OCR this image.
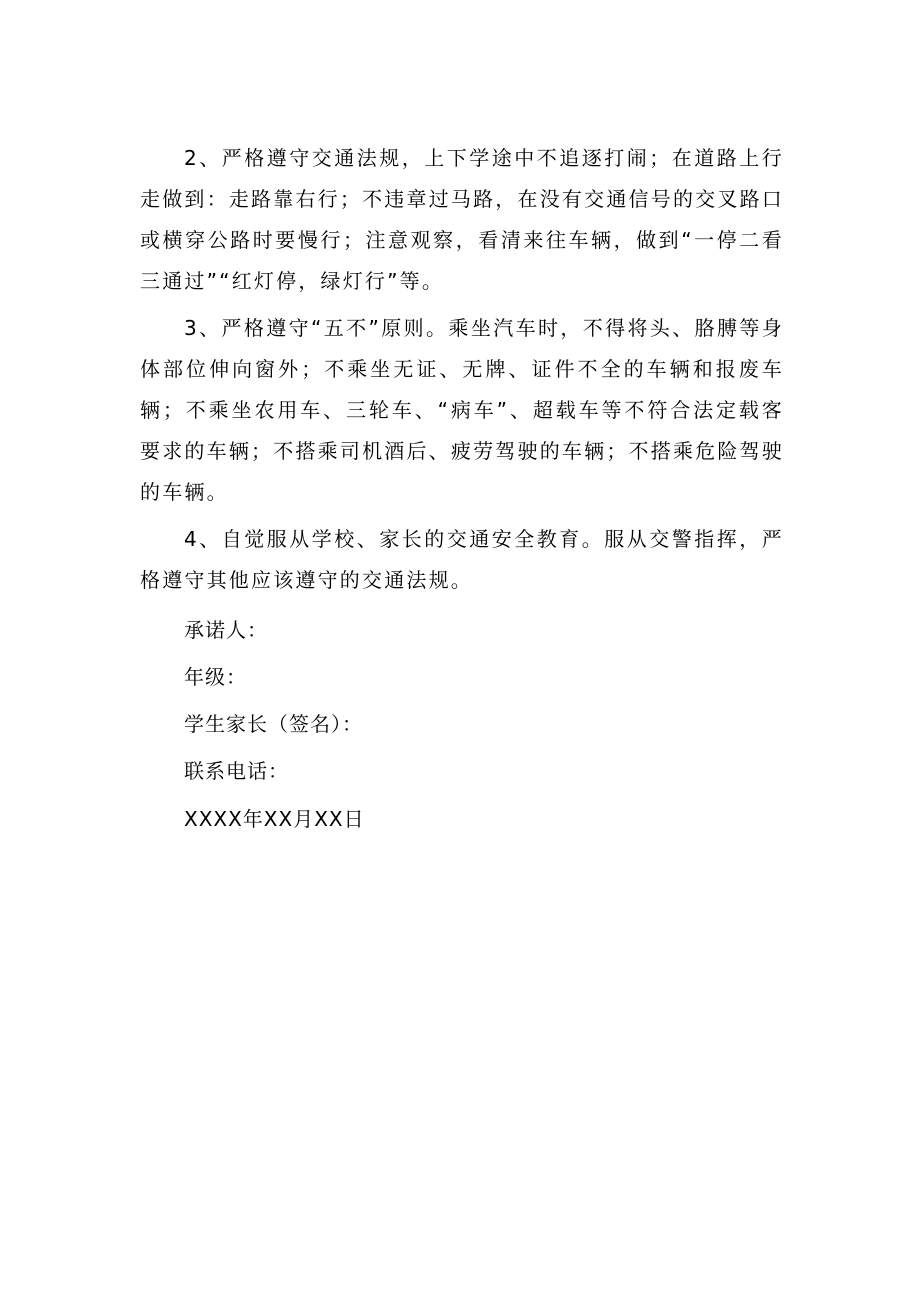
2、严格遵守交通法规，上下学途中不追逐打闹；在道路上行走做到：走路靠右行；不违章过马路，在没有交通信号的交叉路口或横穿公路时要慢行；注意观察，看清来往车辆，做到“一停二看三通过”“红灯停，绿灯行”等。

3、严格遵守“五不”原则。乘坐汽车时，不得将头、胳膊等身体部位伸向窗外；不乘坐无证、无牌、证件不全的车辆和报废车辆；不乘坐农用车、三轮车、“病车”、超载车等不符合法定载客要求的车辆；不搭乘司机酒后、疲劳驾驶的车辆；不搭乘危险驾驶的车辆。

4、自觉服从学校、家长的交通安全教育。服从交警指挥，严格遵守其他应该遵守的交通法规。

承诺人：

年级：

学生家长（签名）：

联系电话：

XXXX年XX月XX日
